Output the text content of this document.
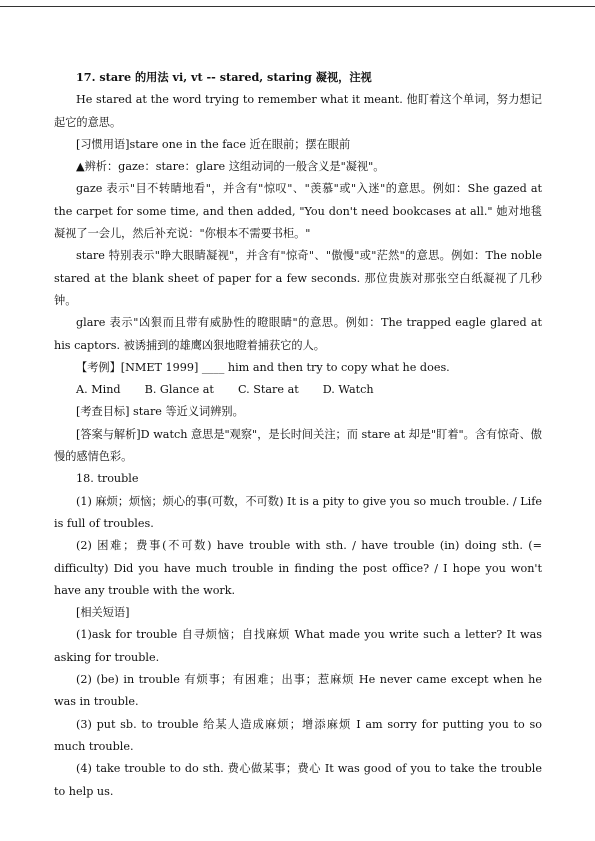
17. stare 的用法 vi, vt -- stared, staring 凝视，注视

He stared at the word trying to remember what it meant. 他盯着这个单词，努力想记起它的意思。

[习惯用语]stare one in the face 近在眼前；摆在眼前

▲辨析：gaze：stare：glare 这组动词的一般含义是"凝视"。

gaze 表示"目不转睛地看"，并含有"惊叹"、"羡慕"或"入迷"的意思。例如：She gazed at the carpet for some time, and then added, "You don't need bookcases at all." 她对地毯凝视了一会儿，然后补充说："你根本不需要书柜。"

stare 特别表示"睁大眼睛凝视"，并含有"惊奇"、"傲慢"或"茫然"的意思。例如：The noble stared at the blank sheet of paper for a few seconds. 那位贵族对那张空白纸凝视了几秒钟。

glare 表示"凶狠而且带有威胁性的瞪眼睛"的意思。例如：The trapped eagle glared at his captors. 被诱捕到的雄鹰凶狠地瞪着捕获它的人。

【考例】[NMET 1999] ____ him and then try to copy what he does.

A. Mind B. Glance at C. Stare at D. Watch

[考查目标] stare 等近义词辨别。

[答案与解析]D watch 意思是"观察"，是长时间关注；而 stare at 却是"盯着"。含有惊奇、傲慢的感情色彩。

18. trouble

(1) 麻烦；烦恼；烦心的事(可数，不可数) It is a pity to give you so much trouble. / Life is full of troubles.

(2) 困难；费事(不可数) have trouble with sth. / have trouble (in) doing sth. (= difficulty) Did you have much trouble in finding the post office? / I hope you won't have any trouble with the work.

[相关短语]

(1)ask for trouble 自寻烦恼；自找麻烦 What made you write such a letter? It was asking for trouble.

(2) (be) in trouble 有烦事；有困难；出事；惹麻烦 He never came except when he was in trouble.

(3) put sb. to trouble 给某人造成麻烦；增添麻烦 I am sorry for putting you to so much trouble.

(4) take trouble to do sth. 费心做某事；费心 It was good of you to take the trouble to help us.
